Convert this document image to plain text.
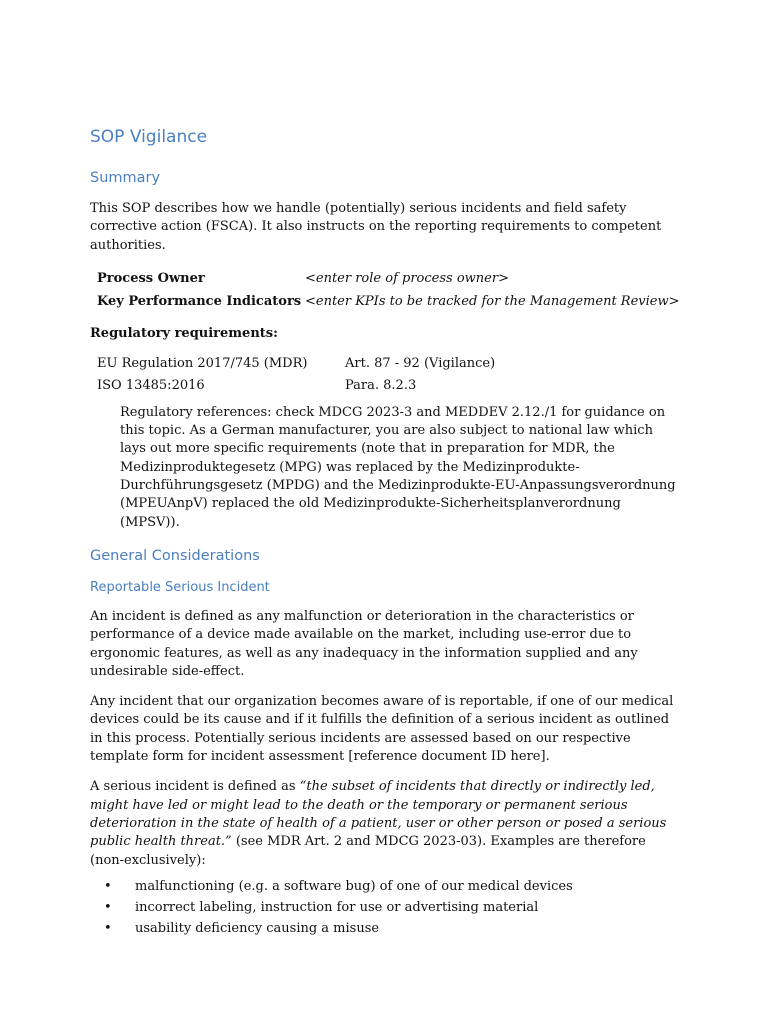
SOP Vigilance
Summary

This SOP describes how we handle (potentially) serious incidents and field safety corrective action (FSCA). It also instructs on the reporting requirements to competent authorities.

Process Owner	<enter role of process owner>
Key Performance Indicators <enter KPIs to be tracked for the Management Review>
Regulatory requirements:
EU Regulation 2017/745 (MDR)	Art. 87 - 92 (Vigilance)
ISO 13485:2016	Para. 8.2.3
Regulatory references: check MDCG 2023-3 and MEDDEV 2.12./1 for guidance on this topic. As a German manufacturer, you are also subject to national law which lays out more specific requirements (note that in preparation for MDR, the Medizinproduktegesetz (MPG) was replaced by the Medizinprodukte-Durchführungsgesetz (MPDG) and the Medizinprodukte-EU-Anpassungsverordnung (MPEUAnpV) replaced the old Medizinprodukte-Sicherheitsplanverordnung (MPSV)).
General Considerations
Reportable Serious Incident

An incident is defined as any malfunction or deterioration in the characteristics or performance of a device made available on the market, including use-error due to ergonomic features, as well as any inadequacy in the information supplied and any undesirable side-effect.

Any incident that our organization becomes aware of is reportable, if one of our medical devices could be its cause and if it fulfills the definition of a serious incident as outlined in this process. Potentially serious incidents are assessed based on our respective template form for incident assessment [reference document ID here].

A serious incident is defined as “the subset of incidents that directly or indirectly led, might have led or might lead to the death or the temporary or permanent serious deterioration in the state of health of a patient, user or other person or posed a serious public health threat.” (see MDR Art. 2 and MDCG 2023-03). Examples are therefore (non-exclusively):

• malfunctioning (e.g. a software bug) of one of our medical devices
• incorrect labeling, instruction for use or advertising material
• usability deficiency causing a misuse
